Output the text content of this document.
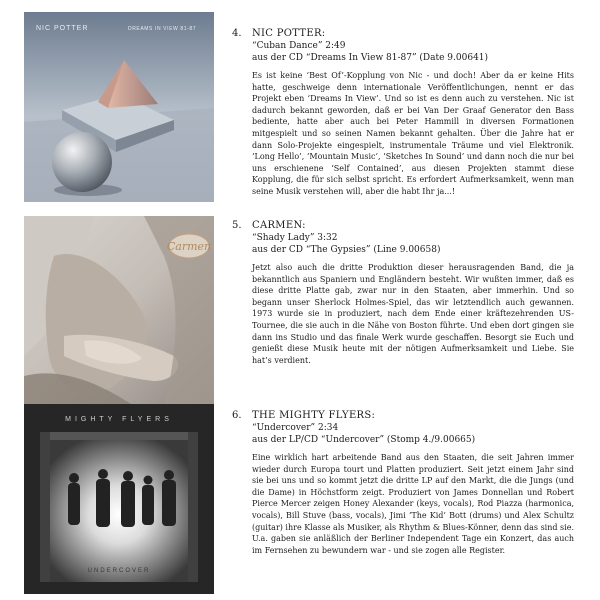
NIC POTTER	DREAMS IN VIEW 81-87
Carmen
MIGHTY FLYERS
UNDERCOVER
4. NIC POTTER:
“Cuban Dance” 2:49
aus der CD “Dreams In View 81-87” (Date 9.00641)
Es ist keine ‘Best Of’-Kopplung von Nic - und doch! Aber da er keine Hits hatte, geschweige denn internationale Veröffentlichungen, nennt er das Projekt eben ‘Dreams In View’. Und so ist es denn auch zu verstehen. Nic ist dadurch bekannt geworden, daß er bei Van Der Graaf Generator den Bass bediente, hatte aber auch bei Peter Hammill in diversen Formationen mitgespielt und so seinen Namen bekannt gehalten. Über die Jahre hat er dann Solo-Projekte eingespielt, instrumentale Träume und viel Elektronik. ‘Long Hello’, ‘Mountain Music’, ‘Sketches In Sound’ und dann noch die nur bei uns erschienene ‘Self Contained’, aus diesen Projekten stammt diese Kopplung, die für sich selbst spricht. Es erfordert Aufmerksamkeit, wenn man seine Musik verstehen will, aber die habt Ihr ja...!
5. CARMEN:
“Shady Lady” 3:32
aus der CD “The Gypsies” (Line 9.00658)
Jetzt also auch die dritte Produktion dieser herausragenden Band, die ja bekanntlich aus Spaniern und Engländern besteht. Wir wußten immer, daß es diese dritte Platte gab, zwar nur in den Staaten, aber immerhin. Und so begann unser Sherlock Holmes-Spiel, das wir letztendlich auch gewannen. 1973 wurde sie in produziert, nach dem Ende einer kräftezehrenden US-Tournee, die sie auch in die Nähe von Boston führte. Und eben dort gingen sie dann ins Studio und das finale Werk wurde geschaffen. Besorgt sie Euch und genießt diese Musik heute mit der nötigen Aufmerksamkeit und Liebe. Sie hat’s verdient.
6. THE MIGHTY FLYERS:
“Undercover” 2:34
aus der LP/CD “Undercover” (Stomp 4./9.00665)
Eine wirklich hart arbeitende Band aus den Staaten, die seit Jahren immer wieder durch Europa tourt und Platten produziert. Seit jetzt einem Jahr sind sie bei uns und so kommt jetzt die dritte LP auf den Markt, die die Jungs (und die Dame) in Höchstform zeigt. Produziert von James Donnellan und Robert Pierce Mercer zeigen Honey Alexander (keys, vocals), Rod Piazza (harmonica, vocals), Bill Stuve (bass, vocals), Jimi ‘The Kid’ Bott (drums) und Alex Schultz (guitar) ihre Klasse als Musiker, als Rhythm & Blues-Könner, denn das sind sie. U.a. gaben sie anläßlich der Berliner Independent Tage ein Konzert, das auch im Fernsehen zu bewundern war - und sie zogen alle Register.
